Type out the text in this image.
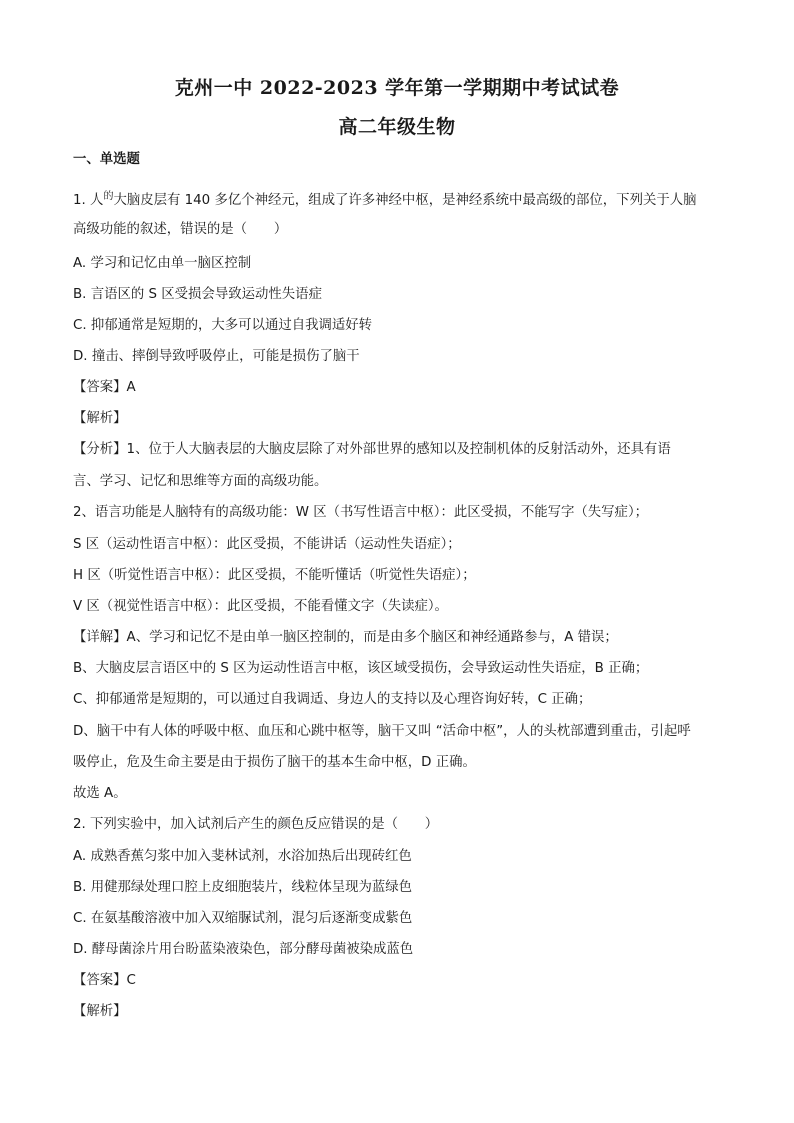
克州一中 2022-2023 学年第一学期期中考试试卷
高二年级生物
一、单选题
1. 人$^的$大脑皮层有 140 多亿个神经元，组成了许多神经中枢，是神经系统中最高级的部位，下列关于人脑
高级功能的叙述，错误的是（　　）
A. 学习和记忆由单一脑区控制
B. 言语区的 S 区受损会导致运动性失语症
C. 抑郁通常是短期的，大多可以通过自我调适好转
D. 撞击、摔倒导致呼吸停止，可能是损伤了脑干
【答案】A
【解析】
【分析】1、位于人大脑表层的大脑皮层除了对外部世界的感知以及控制机体的反射活动外，还具有语
言、学习、记忆和思维等方面的高级功能。
2、语言功能是人脑特有的高级功能：W 区（书写性语言中枢）：此区受损，不能写字（失写症）；
S 区（运动性语言中枢）：此区受损，不能讲话（运动性失语症）；
H 区（听觉性语言中枢）：此区受损，不能听懂话（听觉性失语症）；
V 区（视觉性语言中枢）：此区受损，不能看懂文字（失读症）。
【详解】A、学习和记忆不是由单一脑区控制的，而是由多个脑区和神经通路参与，A 错误；
B、大脑皮层言语区中的 S 区为运动性语言中枢，该区域受损伤，会导致运动性失语症，B 正确；
C、抑郁通常是短期的，可以通过自我调适、身边人的支持以及心理咨询好转，C 正确；
D、脑干中有人体的呼吸中枢、血压和心跳中枢等，脑干又叫 “活命中枢”，人的头枕部遭到重击，引起呼
吸停止，危及生命主要是由于损伤了脑干的基本生命中枢，D 正确。
故选 A。
2. 下列实验中，加入试剂后产生的颜色反应错误的是（　　）
A. 成熟香蕉匀浆中加入斐林试剂，水浴加热后出现砖红色
B. 用健那绿处理口腔上皮细胞装片，线粒体呈现为蓝绿色
C. 在氨基酸溶液中加入双缩脲试剂，混匀后逐渐变成紫色
D. 酵母菌涂片用台盼蓝染液染色，部分酵母菌被染成蓝色
【答案】C
【解析】
